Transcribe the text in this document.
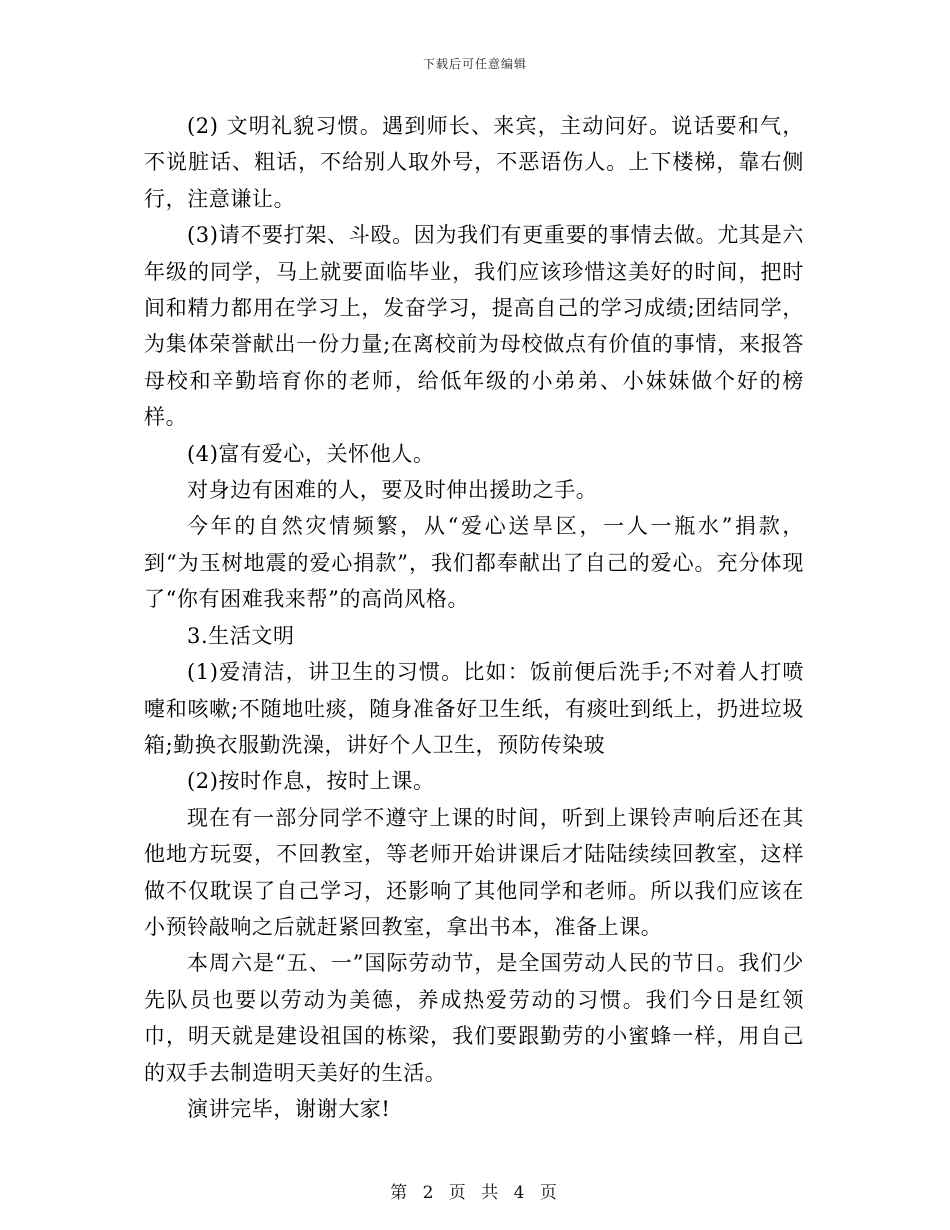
下载后可任意编辑

(2) 文明礼貌习惯。遇到师长、来宾，主动问好。说话要和气，不说脏话、粗话，不给别人取外号，不恶语伤人。上下楼梯，靠右侧行，注意谦让。

(3)请不要打架、斗殴。因为我们有更重要的事情去做。尤其是六年级的同学，马上就要面临毕业，我们应该珍惜这美好的时间，把时间和精力都用在学习上，发奋学习，提高自己的学习成绩;团结同学，为集体荣誉献出一份力量;在离校前为母校做点有价值的事情，来报答母校和辛勤培育你的老师，给低年级的小弟弟、小妹妹做个好的榜样。

(4)富有爱心，关怀他人。

对身边有困难的人，要及时伸出援助之手。

今年的自然灾情频繁，从“爱心送旱区，一人一瓶水”捐款，到“为玉树地震的爱心捐款”，我们都奉献出了自己的爱心。充分体现了“你有困难我来帮”的高尚风格。

3.生活文明

(1)爱清洁，讲卫生的习惯。比如：饭前便后洗手;不对着人打喷嚏和咳嗽;不随地吐痰，随身准备好卫生纸，有痰吐到纸上，扔进垃圾箱;勤换衣服勤洗澡，讲好个人卫生，预防传染玻

(2)按时作息，按时上课。

现在有一部分同学不遵守上课的时间，听到上课铃声响后还在其他地方玩耍，不回教室，等老师开始讲课后才陆陆续续回教室，这样做不仅耽误了自己学习，还影响了其他同学和老师。所以我们应该在小预铃敲响之后就赶紧回教室，拿出书本，准备上课。

本周六是“五、一”国际劳动节，是全国劳动人民的节日。我们少先队员也要以劳动为美德，养成热爱劳动的习惯。我们今日是红领巾，明天就是建设祖国的栋梁，我们要跟勤劳的小蜜蜂一样，用自己的双手去制造明天美好的生活。

演讲完毕，谢谢大家!

第 2 页 共 4 页
